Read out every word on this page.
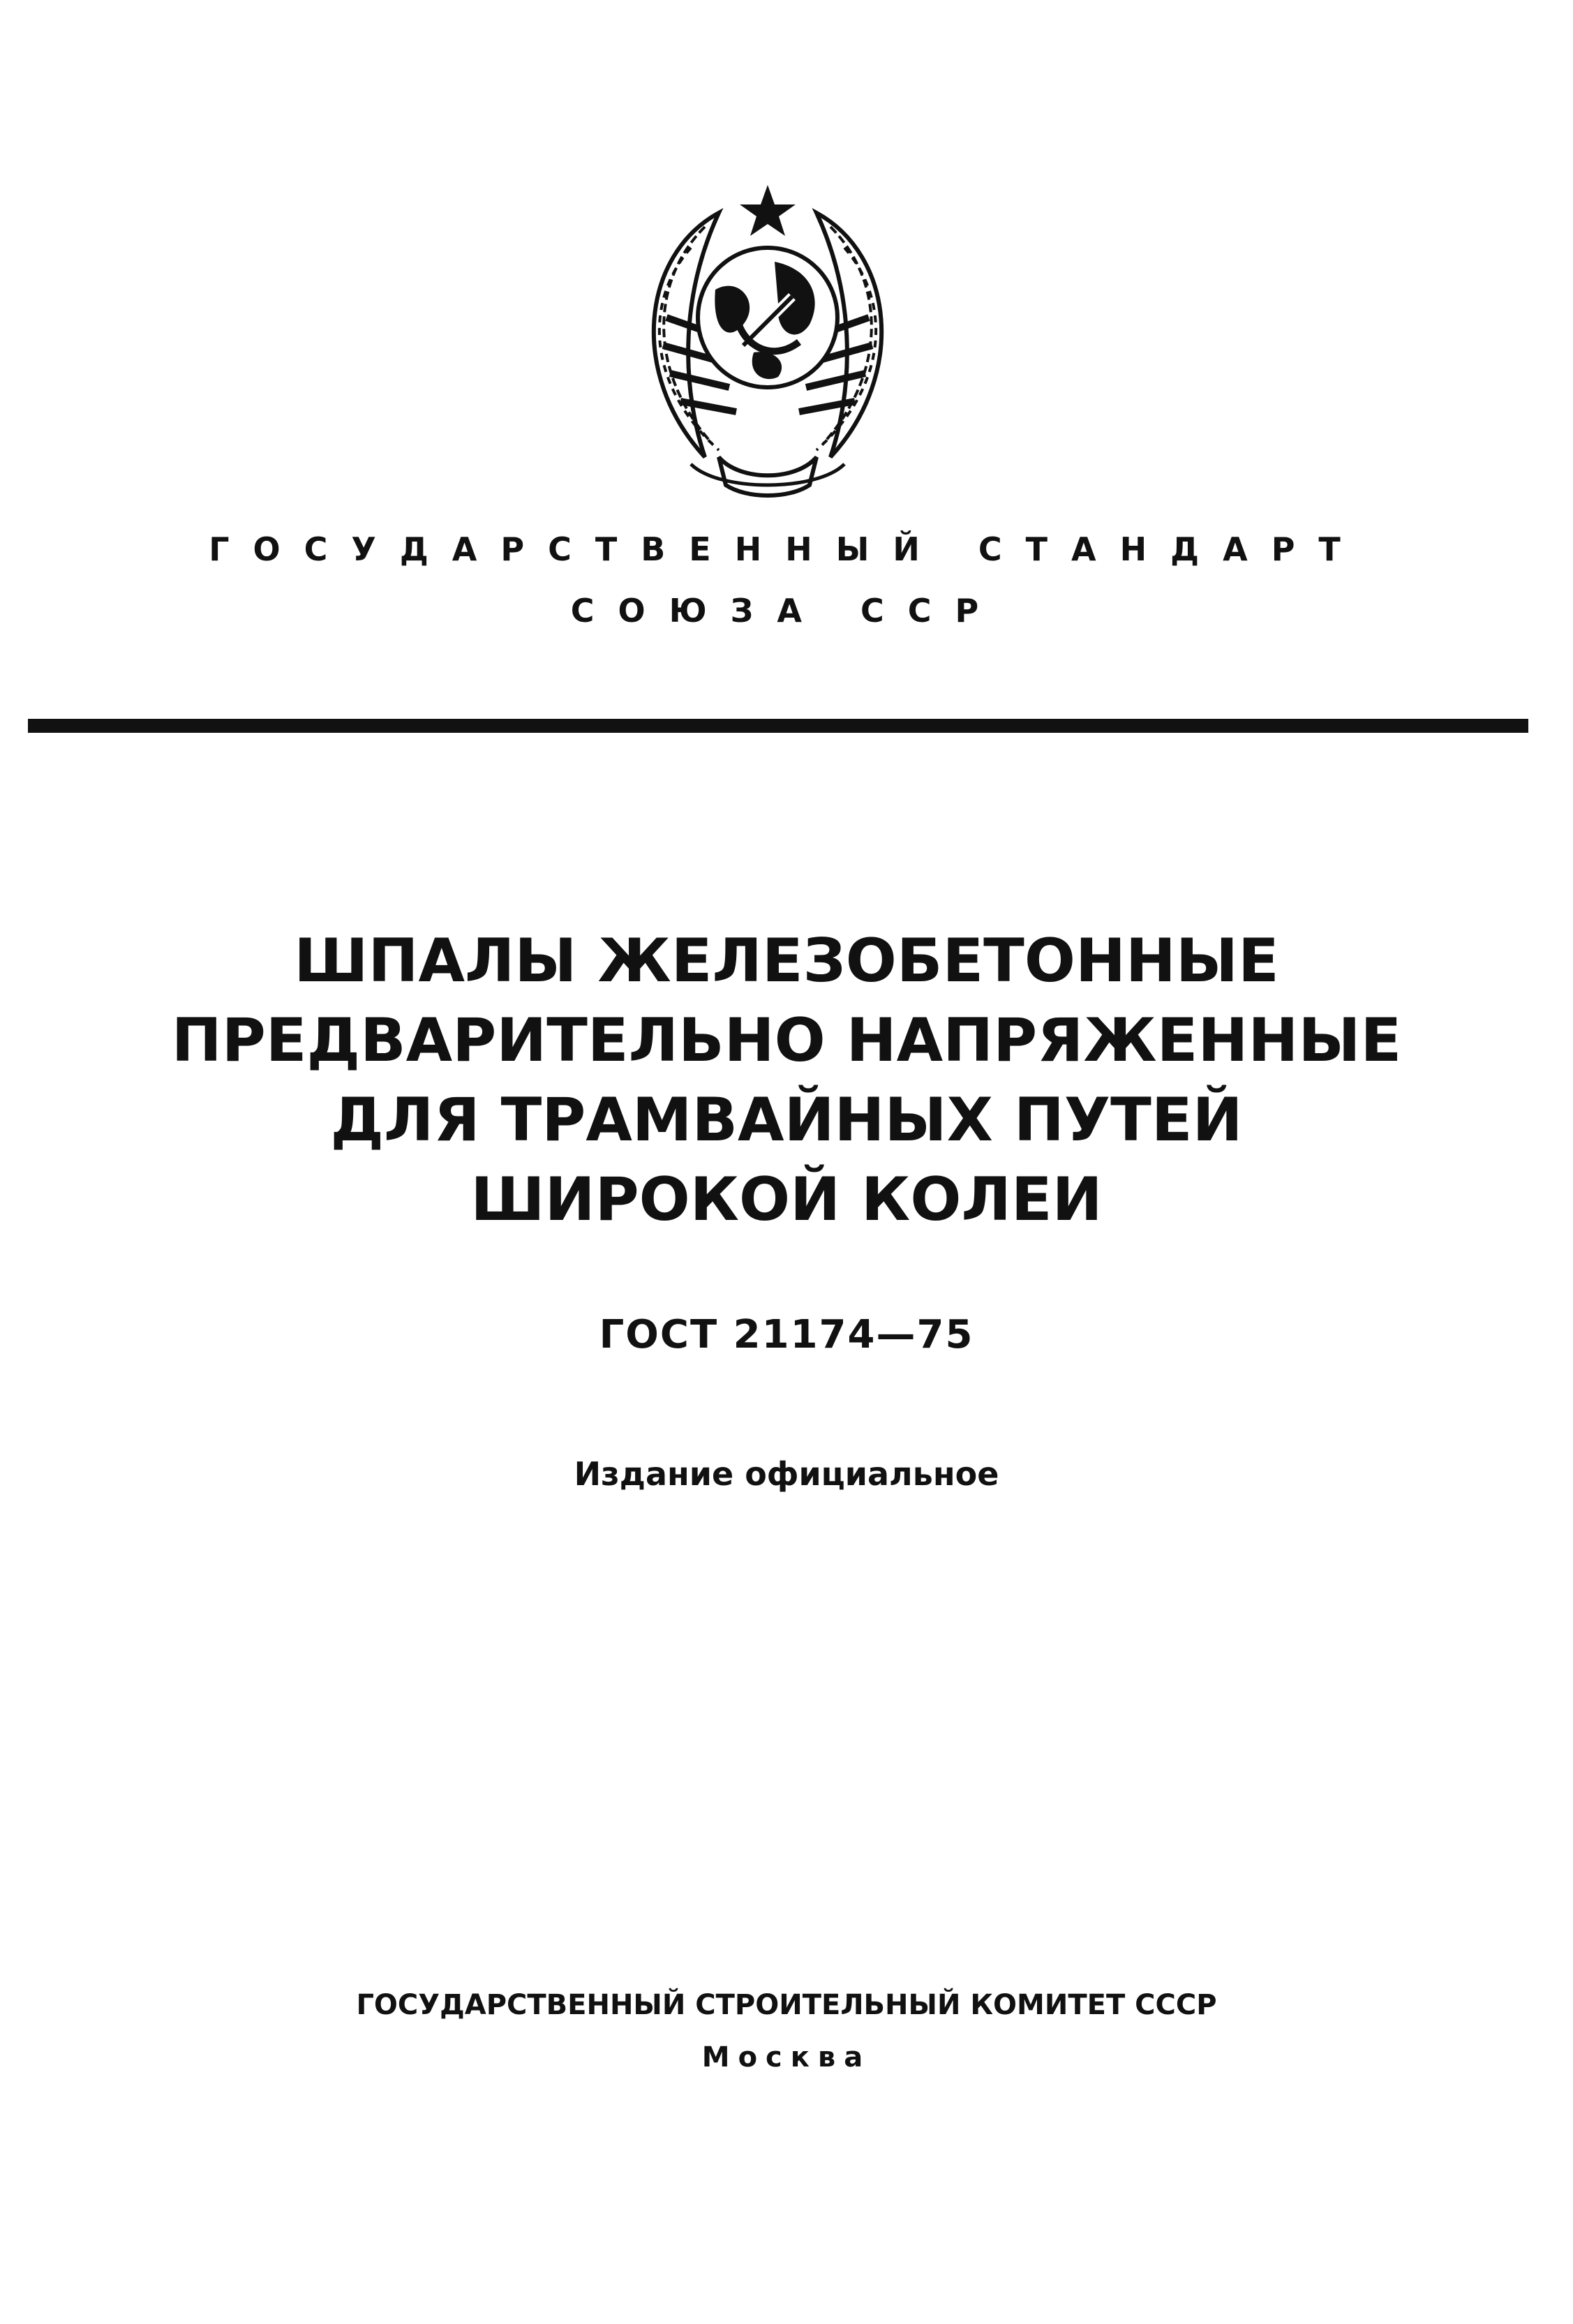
ГОСУДАРСТВЕННЫЙ СТАНДАРТ
СОЮЗА ССР
ШПАЛЫ ЖЕЛЕЗОБЕТОННЫЕ
ПРЕДВАРИТЕЛЬНО НАПРЯЖЕННЫЕ
ДЛЯ ТРАМВАЙНЫХ ПУТЕЙ
ШИРОКОЙ КОЛЕИ
ГОСТ 21174—75
Издание официальное
ГОСУДАРСТВЕННЫЙ СТРОИТЕЛЬНЫЙ КОМИТЕТ СССР
Москва
